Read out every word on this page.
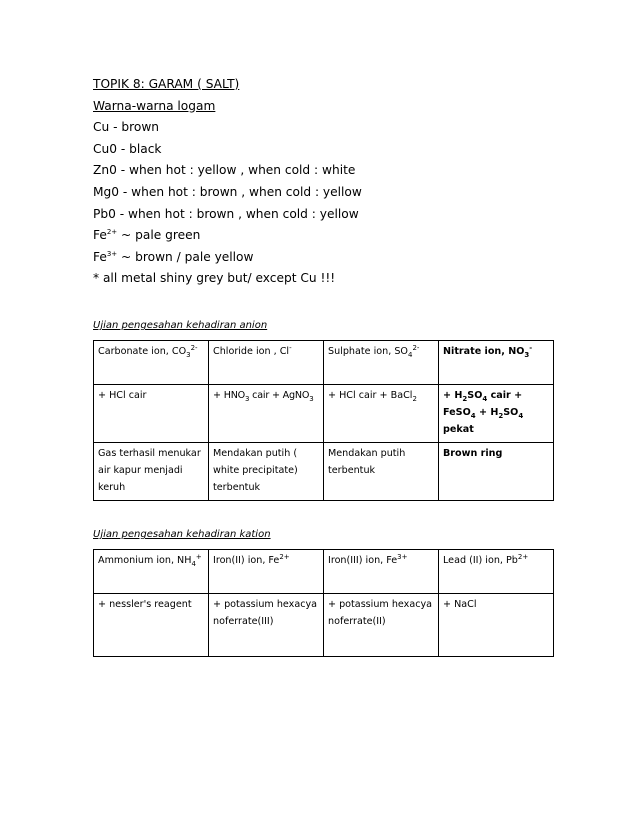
TOPIK 8: GARAM ( SALT)
Warna-warna logam
Cu - brown
Cu0 - black
Zn0 - when hot : yellow , when cold : white
Mg0 - when hot : brown , when cold : yellow
Pb0 - when hot : brown , when cold : yellow
$Fe^{2+}$ ~ pale green
$Fe^{3+}$ ~ brown / pale yellow
* all metal shiny grey but/ except Cu !!!
Ujian pengesahan kehadiran anion
Carbonate ion, $CO_3^{2-}$	Chloride ion , Cl-	Sulphate ion, $SO_4^{2-}$	Nitrate ion, $NO_3^-$
+ HCl cair	+ $HNO_3$ cair + AgNO$_3$	+ HCl cair + BaCl$_2$	+ $H_2SO_4$ cair + FeSO$_4$ + $H_2SO_4$ pekat
Gas terhasil menukar air kapur menjadi keruh	Mendakan putih ( white precipitate) terbentuk	Mendakan putih terbentuk	Brown ring
Ujian pengesahan kehadiran kation
Ammonium ion, $NH_4^+$	Iron(II) ion, $Fe^{2+}$	Iron(III) ion, $Fe^{3+}$	Lead (II) ion, $Pb^{2+}$
+ nessler's reagent	+ potassium hexacyanoferrate(III)	+ potassium hexacyanoferrate(II)	+ NaCl
